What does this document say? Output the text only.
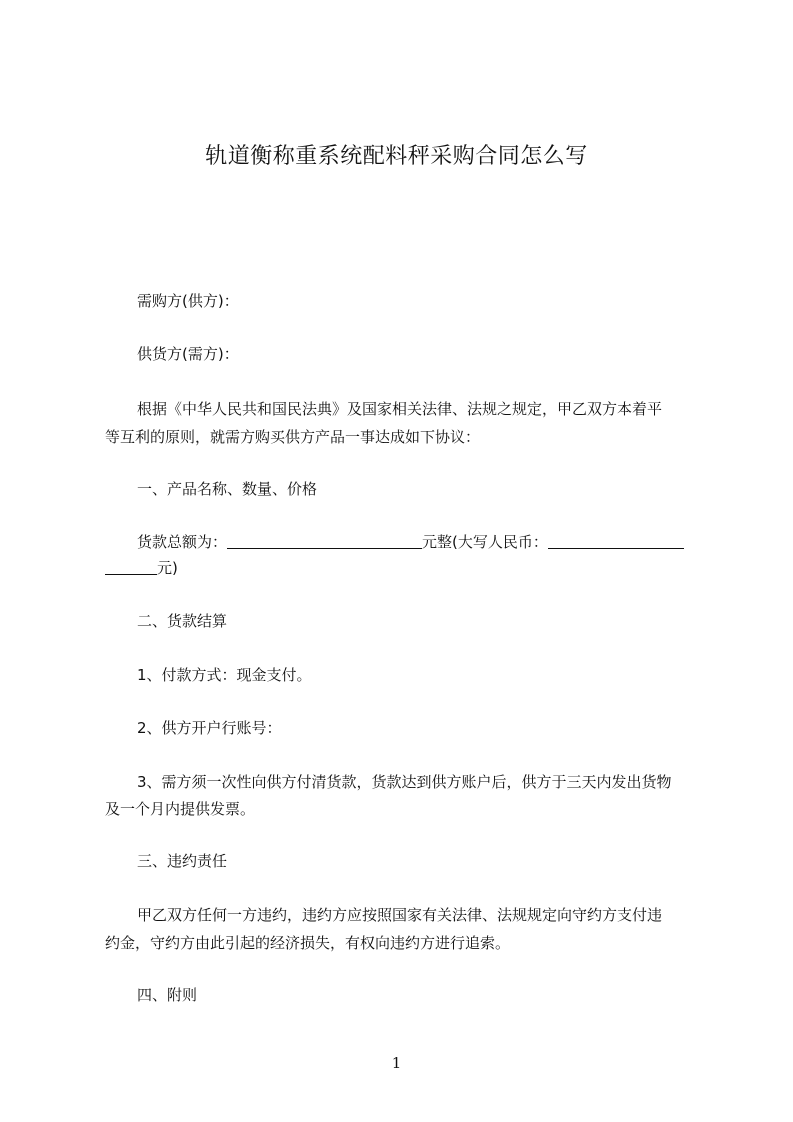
轨道衡称重系统配料秤采购合同怎么写
需购方(供方)：
供货方(需方)：
根据《中华人民共和国民法典》及国家相关法律、法规之规定，甲乙双方本着平
等互利的原则，就需方购买供方产品一事达成如下协议：
一、产品名称、数量、价格
货款总额为：	元整(大写人民币：
元)
二、货款结算
1、付款方式：现金支付。
2、供方开户行账号：
3、需方须一次性向供方付清货款，货款达到供方账户后，供方于三天内发出货物
及一个月内提供发票。
三、违约责任
甲乙双方任何一方违约，违约方应按照国家有关法律、法规规定向守约方支付违
约金，守约方由此引起的经济损失，有权向违约方进行追索。
四、附则
1
